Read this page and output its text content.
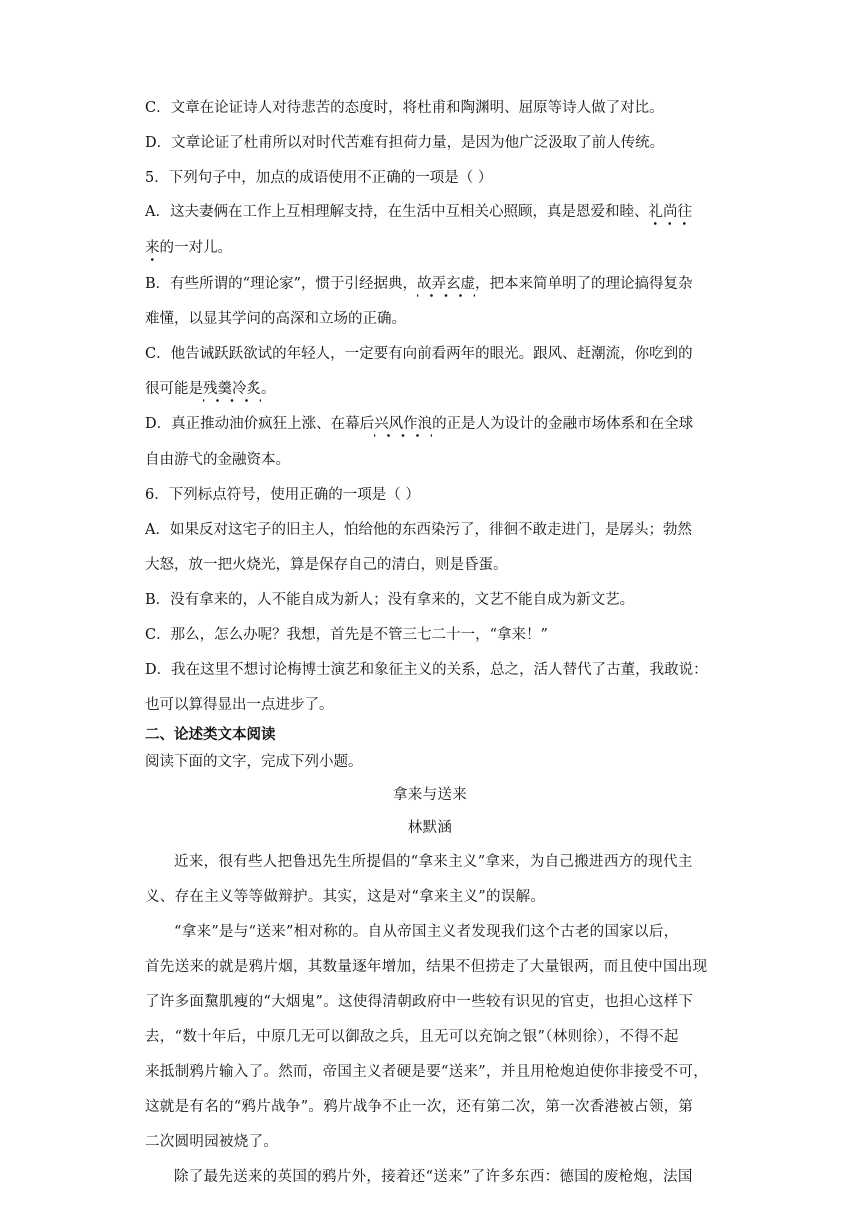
C．文章在论证诗人对待悲苦的态度时，将杜甫和陶渊明、屈原等诗人做了对比。
D．文章论证了杜甫所以对时代苦难有担荷力量，是因为他广泛汲取了前人传统。
5．下列句子中，加点的成语使用不正确的一项是（ ）
A．这夫妻俩在工作上互相理解支持，在生活中互相关心照顾，真是恩爱和睦、礼尚往
来的一对儿。
B．有些所谓的“理论家”，惯于引经据典，故弄玄虚，把本来简单明了的理论搞得复杂
难懂，以显其学问的高深和立场的正确。
C．他告诫跃跃欲试的年轻人，一定要有向前看两年的眼光。跟风、赶潮流，你吃到的
很可能是残羹冷炙。
D．真正推动油价疯狂上涨、在幕后兴风作浪的正是人为设计的金融市场体系和在全球
自由游弋的金融资本。
6．下列标点符号，使用正确的一项是（ ）
A．如果反对这宅子的旧主人，怕给他的东西染污了，徘徊不敢走进门，是孱头；勃然
大怒，放一把火烧光，算是保存自己的清白，则是昏蛋。
B．没有拿来的，人不能自成为新人；没有拿来的，文艺不能自成为新文艺。
C．那么，怎么办呢？我想，首先是不管三七二十一，“拿来！”
D．我在这里不想讨论梅博士演艺和象征主义的关系，总之，活人替代了古董，我敢说：
也可以算得显出一点进步了。
二、论述类文本阅读
阅读下面的文字，完成下列小题。
拿来与送来
林默涵
近来，很有些人把鲁迅先生所提倡的“拿来主义”拿来，为自己搬进西方的现代主
义、存在主义等等做辩护。其实，这是对“拿来主义”的误解。
“拿来”是与“送来”相对称的。自从帝国主义者发现我们这个古老的国家以后，
首先送来的就是鸦片烟，其数量逐年增加，结果不但捞走了大量银两，而且使中国出现
了许多面黧肌瘦的“大烟鬼”。这使得清朝政府中一些较有识见的官吏，也担心这样下
去，“数十年后，中原几无可以御敌之兵，且无可以充饷之银”（林则徐），不得不起
来抵制鸦片输入了。然而，帝国主义者硬是要“送来”，并且用枪炮迫使你非接受不可，
这就是有名的“鸦片战争”。鸦片战争不止一次，还有第二次，第一次香港被占领，第
二次圆明园被烧了。
除了最先送来的英国的鸦片外，接着还“送来”了许多东西：德国的废枪炮，法国
